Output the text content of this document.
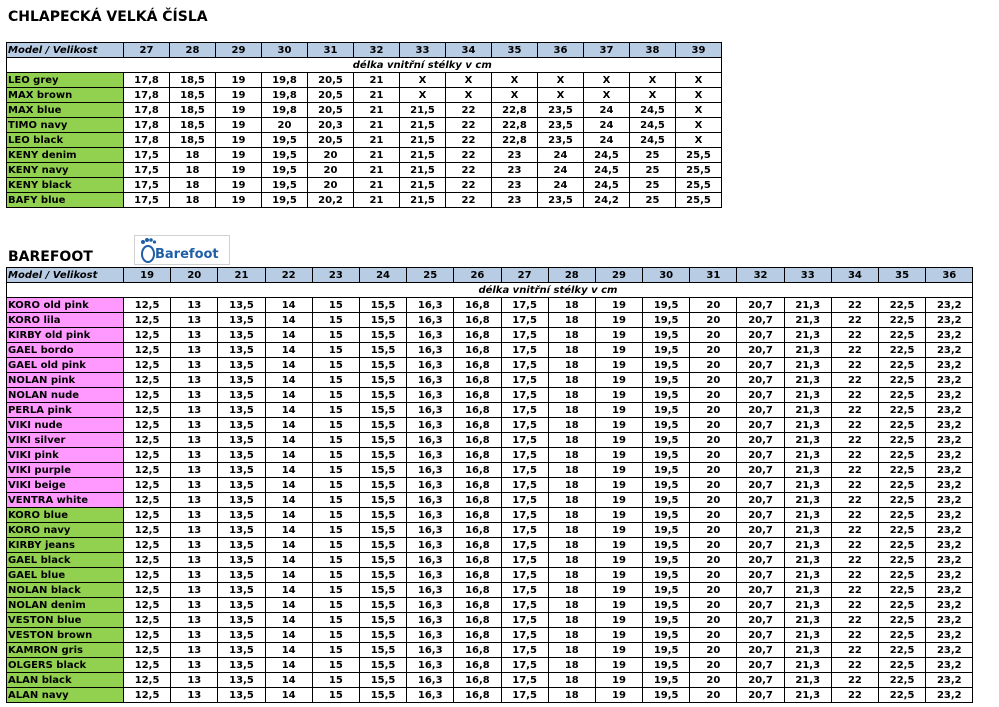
CHLAPECKÁ VELKÁ ČÍSLA
Model / Velikost	27	28	29	30	31	32	33	34	35	36	37	38	39
	délka vnitřní stélky v cm												
LEO grey	17,8	18,5	19	19,8	20,5	21	X	X	X	X	X	X	X
MAX brown	17,8	18,5	19	19,8	20,5	21	X	X	X	X	X	X	X
MAX blue	17,8	18,5	19	19,8	20,5	21	21,5	22	22,8	23,5	24	24,5	X
TIMO navy	17,8	18,5	19	20	20,3	21	21,5	22	22,8	23,5	24	24,5	X
LEO black	17,8	18,5	19	19,5	20,5	21	21,5	22	22,8	23,5	24	24,5	X
KENY denim	17,5	18	19	19,5	20	21	21,5	22	23	24	24,5	25	25,5
KENY navy	17,5	18	19	19,5	20	21	21,5	22	23	24	24,5	25	25,5
KENY black	17,5	18	19	19,5	20	21	21,5	22	23	24	24,5	25	25,5
BAFY blue	17,5	18	19	19,5	20,2	21	21,5	22	23	23,5	24,2	25	25,5
BAREFOOT	Barefoot
Model / Velikost	19	20	21	22	23	24	25	26	27	28	29	30	31	32	33	34	35	36
	délka vnitřní stélky v cm																	
KORO old pink	12,5	13	13,5	14	15	15,5	16,3	16,8	17,5	18	19	19,5	20	20,7	21,3	22	22,5	23,2
KORO lila	12,5	13	13,5	14	15	15,5	16,3	16,8	17,5	18	19	19,5	20	20,7	21,3	22	22,5	23,2
KIRBY old pink	12,5	13	13,5	14	15	15,5	16,3	16,8	17,5	18	19	19,5	20	20,7	21,3	22	22,5	23,2
GAEL bordo	12,5	13	13,5	14	15	15,5	16,3	16,8	17,5	18	19	19,5	20	20,7	21,3	22	22,5	23,2
GAEL old pink	12,5	13	13,5	14	15	15,5	16,3	16,8	17,5	18	19	19,5	20	20,7	21,3	22	22,5	23,2
NOLAN pink	12,5	13	13,5	14	15	15,5	16,3	16,8	17,5	18	19	19,5	20	20,7	21,3	22	22,5	23,2
NOLAN nude	12,5	13	13,5	14	15	15,5	16,3	16,8	17,5	18	19	19,5	20	20,7	21,3	22	22,5	23,2
PERLA pink	12,5	13	13,5	14	15	15,5	16,3	16,8	17,5	18	19	19,5	20	20,7	21,3	22	22,5	23,2
VIKI nude	12,5	13	13,5	14	15	15,5	16,3	16,8	17,5	18	19	19,5	20	20,7	21,3	22	22,5	23,2
VIKI silver	12,5	13	13,5	14	15	15,5	16,3	16,8	17,5	18	19	19,5	20	20,7	21,3	22	22,5	23,2
VIKI pink	12,5	13	13,5	14	15	15,5	16,3	16,8	17,5	18	19	19,5	20	20,7	21,3	22	22,5	23,2
VIKI purple	12,5	13	13,5	14	15	15,5	16,3	16,8	17,5	18	19	19,5	20	20,7	21,3	22	22,5	23,2
VIKI beige	12,5	13	13,5	14	15	15,5	16,3	16,8	17,5	18	19	19,5	20	20,7	21,3	22	22,5	23,2
VENTRA white	12,5	13	13,5	14	15	15,5	16,3	16,8	17,5	18	19	19,5	20	20,7	21,3	22	22,5	23,2
KORO blue	12,5	13	13,5	14	15	15,5	16,3	16,8	17,5	18	19	19,5	20	20,7	21,3	22	22,5	23,2
KORO navy	12,5	13	13,5	14	15	15,5	16,3	16,8	17,5	18	19	19,5	20	20,7	21,3	22	22,5	23,2
KIRBY jeans	12,5	13	13,5	14	15	15,5	16,3	16,8	17,5	18	19	19,5	20	20,7	21,3	22	22,5	23,2
GAEL black	12,5	13	13,5	14	15	15,5	16,3	16,8	17,5	18	19	19,5	20	20,7	21,3	22	22,5	23,2
GAEL blue	12,5	13	13,5	14	15	15,5	16,3	16,8	17,5	18	19	19,5	20	20,7	21,3	22	22,5	23,2
NOLAN black	12,5	13	13,5	14	15	15,5	16,3	16,8	17,5	18	19	19,5	20	20,7	21,3	22	22,5	23,2
NOLAN denim	12,5	13	13,5	14	15	15,5	16,3	16,8	17,5	18	19	19,5	20	20,7	21,3	22	22,5	23,2
VESTON blue	12,5	13	13,5	14	15	15,5	16,3	16,8	17,5	18	19	19,5	20	20,7	21,3	22	22,5	23,2
VESTON brown	12,5	13	13,5	14	15	15,5	16,3	16,8	17,5	18	19	19,5	20	20,7	21,3	22	22,5	23,2
KAMRON gris	12,5	13	13,5	14	15	15,5	16,3	16,8	17,5	18	19	19,5	20	20,7	21,3	22	22,5	23,2
OLGERS black	12,5	13	13,5	14	15	15,5	16,3	16,8	17,5	18	19	19,5	20	20,7	21,3	22	22,5	23,2
ALAN black	12,5	13	13,5	14	15	15,5	16,3	16,8	17,5	18	19	19,5	20	20,7	21,3	22	22,5	23,2
ALAN navy	12,5	13	13,5	14	15	15,5	16,3	16,8	17,5	18	19	19,5	20	20,7	21,3	22	22,5	23,2
